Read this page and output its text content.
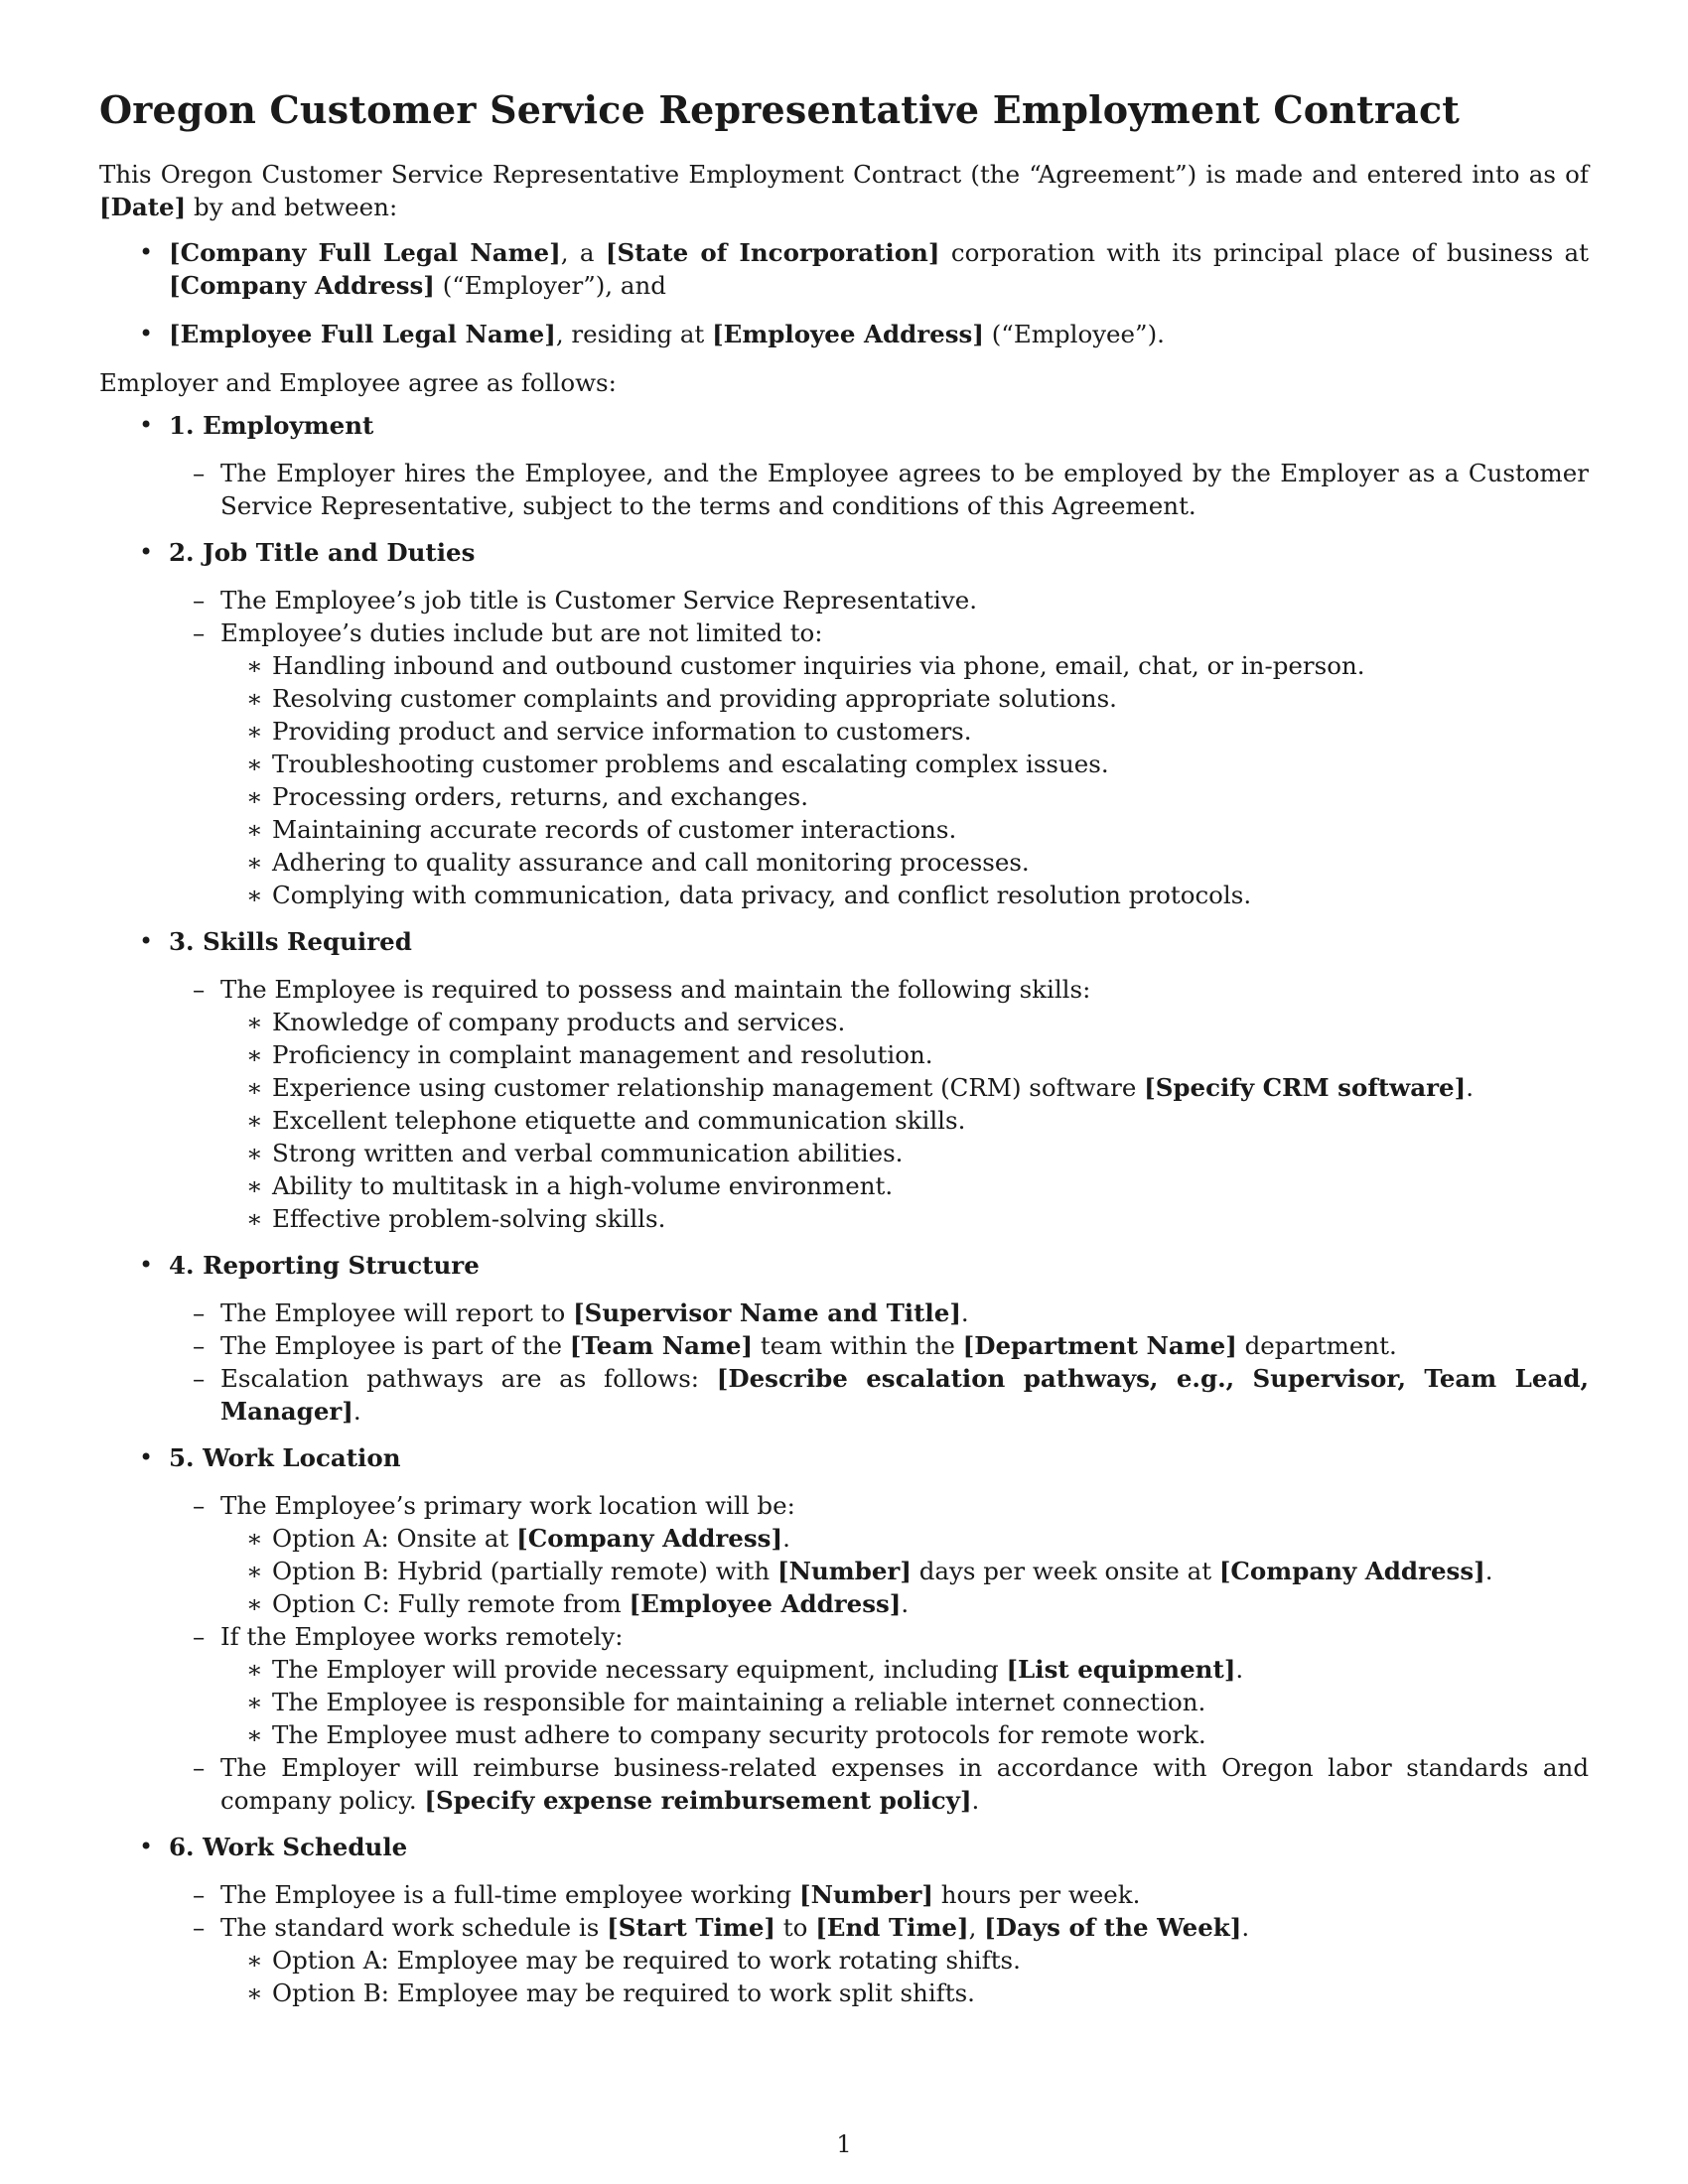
Oregon Customer Service Representative Employment Contract

This Oregon Customer Service Representative Employment Contract (the “Agreement”) is made and entered into as of [Date] by and between:

• [Company Full Legal Name], a [State of Incorporation] corporation with its principal place of business at [Company Address] (“Employer”), and
• [Employee Full Legal Name], residing at [Employee Address] (“Employee”).

Employer and Employee agree as follows:

• 1. Employment
– The Employer hires the Employee, and the Employee agrees to be employed by the Employer as a Customer Service Representative, subject to the terms and conditions of this Agreement.
• 2. Job Title and Duties
– The Employee’s job title is Customer Service Representative.
– Employee’s duties include but are not limited to:
∗ Handling inbound and outbound customer inquiries via phone, email, chat, or in-person.
∗ Resolving customer complaints and providing appropriate solutions.
∗ Providing product and service information to customers.
∗ Troubleshooting customer problems and escalating complex issues.
∗ Processing orders, returns, and exchanges.
∗ Maintaining accurate records of customer interactions.
∗ Adhering to quality assurance and call monitoring processes.
∗ Complying with communication, data privacy, and conflict resolution protocols.
• 3. Skills Required
– The Employee is required to possess and maintain the following skills:
∗ Knowledge of company products and services.
∗ Proficiency in complaint management and resolution.
∗ Experience using customer relationship management (CRM) software [Specify CRM software].
∗ Excellent telephone etiquette and communication skills.
∗ Strong written and verbal communication abilities.
∗ Ability to multitask in a high-volume environment.
∗ Effective problem-solving skills.
• 4. Reporting Structure
– The Employee will report to [Supervisor Name and Title].
– The Employee is part of the [Team Name] team within the [Department Name] department.
– Escalation pathways are as follows: [Describe escalation pathways, e.g., Supervisor, Team Lead, Manager].
• 5. Work Location
– The Employee’s primary work location will be:
∗ Option A: Onsite at [Company Address].
∗ Option B: Hybrid (partially remote) with [Number] days per week onsite at [Company Address].
∗ Option C: Fully remote from [Employee Address].
– If the Employee works remotely:
∗ The Employer will provide necessary equipment, including [List equipment].
∗ The Employee is responsible for maintaining a reliable internet connection.
∗ The Employee must adhere to company security protocols for remote work.
– The Employer will reimburse business-related expenses in accordance with Oregon labor standards and company policy. [Specify expense reimbursement policy].
• 6. Work Schedule
– The Employee is a full-time employee working [Number] hours per week.
– The standard work schedule is [Start Time] to [End Time], [Days of the Week].
∗ Option A: Employee may be required to work rotating shifts.
∗ Option B: Employee may be required to work split shifts.
1
